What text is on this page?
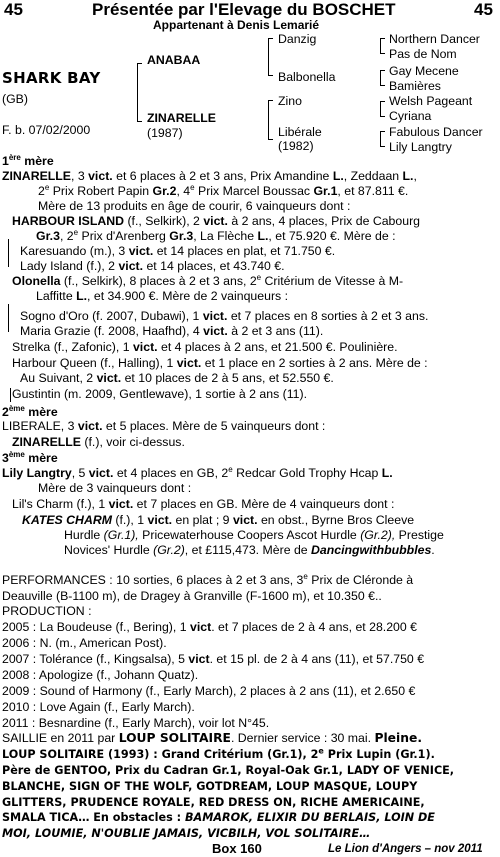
45	Présentée par l'Elevage du BOSCHET	45
Appartenant à Denis Lemarié
SHARK BAY
(GB)
F. b. 07/02/2000
ANABAA
ZINARELLE
(1987)
Danzig
Balbonella
Zino
Libérale
(1982)
Northern Dancer
Pas de Nom
Gay Mecene
Bamières
Welsh Pageant
Cyriana
Fabulous Dancer
Lily Langtry
1ère mère
ZINARELLE, 3 vict. et 6 places à 2 et 3 ans, Prix Amandine L., Zeddaan L.,
2e Prix Robert Papin Gr.2, 4e Prix Marcel Boussac Gr.1, et 87.811 €.
Mère de 13 produits en âge de courir, 6 vainqueurs dont :
HARBOUR ISLAND (f., Selkirk), 2 vict. à 2 ans, 4 places, Prix de Cabourg
Gr.3, 2e Prix d'Arenberg Gr.3, La Flèche L., et 75.920 €. Mère de :
Karesuando (m.), 3 vict. et 14 places en plat, et 71.750 €.
Lady Island (f.), 2 vict. et 14 places, et 43.740 €.
Olonella (f., Selkirk), 8 places à 2 et 3 ans, 2e Critérium de Vitesse à M-
Laffitte L., et 34.900 €. Mère de 2 vainqueurs :
Sogno d'Oro (f. 2007, Dubawi), 1 vict. et 7 places en 8 sorties à 2 et 3 ans.
Maria Grazie (f. 2008, Haafhd), 4 vict. à 2 et 3 ans (11).
Strelka (f., Zafonic), 1 vict. et 4 places à 2 ans, et 21.500 €. Poulinière.
Harbour Queen (f., Halling), 1 vict. et 1 place en 2 sorties à 2 ans. Mère de :
Au Suivant, 2 vict. et 10 places de 2 à 5 ans, et 52.550 €.
Gustintin (m. 2009, Gentlewave), 1 sortie à 2 ans (11).
LIBERALE, 3 vict. et 5 places. Mère de 5 vainqueurs dont :
ZINARELLE (f.), voir ci-dessus.
Lily Langtry, 5 vict. et 4 places en GB, 2e Redcar Gold Trophy Hcap L.
Mère de 3 vainqueurs dont :
Lil's Charm (f.), 1 vict. et 7 places en GB. Mère de 4 vainqueurs dont :
KATES CHARM (f.), 1 vict. en plat ; 9 vict. en obst., Byrne Bros Cleeve
Hurdle (Gr.1), Pricewaterhouse Coopers Ascot Hurdle (Gr.2), Prestige
Novices' Hurdle (Gr.2), et £115,473. Mère de Dancingwithbubbles.
PERFORMANCES : 10 sorties, 6 places à 2 et 3 ans, 3e Prix de Cléronde à
Deauville (B-1100 m), de Dragey à Granville (F-1600 m), et 10.350 €..
PRODUCTION :
2005 : La Boudeuse (f., Bering), 1 vict. et 7 places de 2 à 4 ans, et 28.200 €
2006 : N. (m., American Post).
2007 : Tolérance (f., Kingsalsa), 5 vict. et 15 pl. de 2 à 4 ans (11), et 57.750 €
2008 : Apologize (f., Johann Quatz).
2009 : Sound of Harmony (f., Early March), 2 places à 2 ans (11), et 2.650 €
2010 : Love Again (f., Early March).
2011 : Besnardine (f., Early March), voir lot N°45.
SAILLIE en 2011 par LOUP SOLITAIRE. Dernier service : 30 mai. Pleine.
LOUP SOLITAIRE (1993) : Grand Critérium (Gr.1), 2e Prix Lupin (Gr.1).
Père de GENTOO, Prix du Cadran Gr.1, Royal-Oak Gr.1, LADY OF VENICE,
BLANCHE, SIGN OF THE WOLF, GOTDREAM, LOUP MASQUE, LOUPY
GLITTERS, PRUDENCE ROYALE, RED DRESS ON, RICHE AMERICAINE,
SMALA TICA… En obstacles : BAMAROK, ELIXIR DU BERLAIS, LOIN DE
MOI, LOUMIE, N'OUBLIE JAMAIS, VICBILH, VOL SOLITAIRE…
2ème mère
3ème mère
Box 160	Le Lion d'Angers – nov 2011
